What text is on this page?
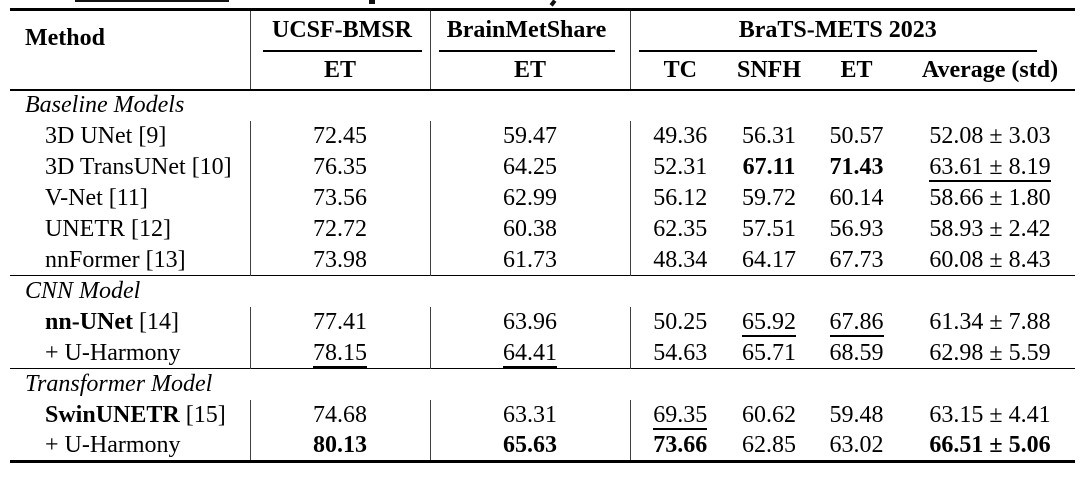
Method	UCSF-BMSR	BrainMetShare	BraTS-METS 2023			

	ET	ET	TC	SNFH	ET	Average (std)
Baseline Models						
3D UNet [9]	72.45	59.47	49.36	56.31	50.57	52.08 ± 3.03
3D TransUNet [10]	76.35	64.25	52.31	67.11	71.43	63.61 ± 8.19
V-Net [11]	73.56	62.99	56.12	59.72	60.14	58.66 ± 1.80
UNETR [12]	72.72	60.38	62.35	57.51	56.93	58.93 ± 2.42
nnFormer [13]	73.98	61.73	48.34	64.17	67.73	60.08 ± 8.43
CNN Model						
nn-UNet [14]	77.41	63.96	50.25	65.92	67.86	61.34 ± 7.88
+ U-Harmony	78.15	64.41	54.63	65.71	68.59	62.98 ± 5.59
Transformer Model						
SwinUNETR [15]	74.68	63.31	69.35	60.62	59.48	63.15 ± 4.41
+ U-Harmony	80.13	65.63	73.66	62.85	63.02	66.51 ± 5.06
